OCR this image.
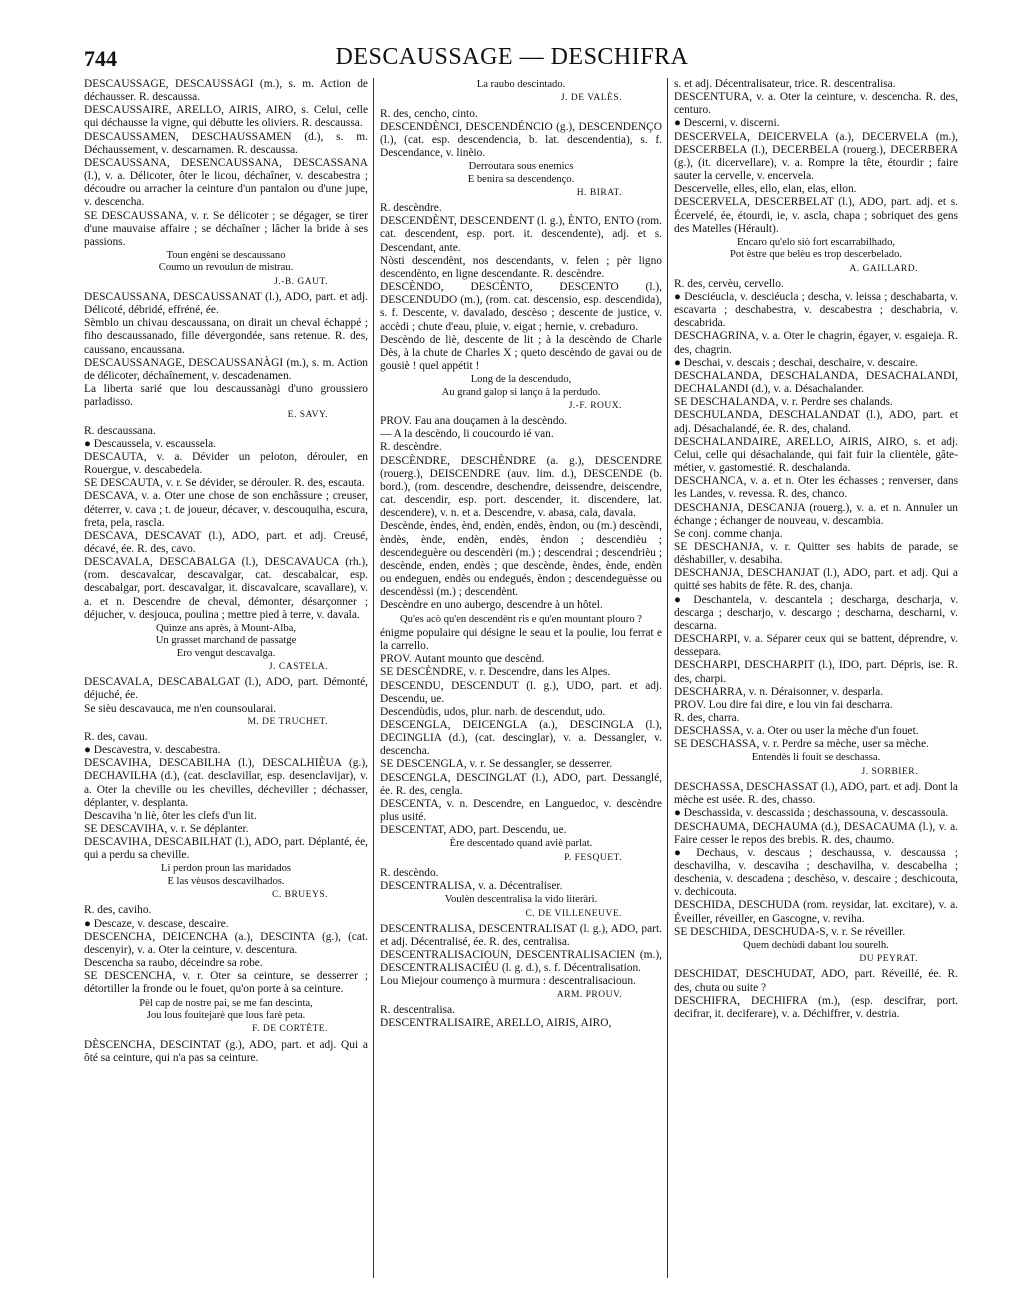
744	DESCAUSSAGE — DESCHIFRA

DESCAUSSAGE, DESCAUSSÀGI (m.), s. m. Action de déchausser. R. descaussa.

DESCAUSSAIRE, ARELLO, AIRIS, AIRO, s. Celui, celle qui déchausse la vigne, qui débutte les oliviers. R. descaussa.

DESCAUSSAMEN, DESCHAUSSAMEN (d.), s. m. Déchaussement, v. descarnamen. R. descaussa.

DESCAUSSANA, DESENCAUSSANA, DESCASSANA (l.), v. a. Délicoter, ôter le licou, déchaîner, v. descabestra ; découdre ou arracher la ceinture d'un pantalon ou d'une jupe, v. descencha.

SE DESCAUSSANA, v. r. Se délicoter ; se dégager, se tirer d'une mauvaise affaire ; se déchaîner ; lâcher la bride à ses passions.

Toun engèni se descaussano
Coumo un revoulun de mistrau.

J.-B. GAUT.

DESCAUSSANA, DESCAUSSANAT (l.), ADO, part. et adj. Délicoté, débridé, effréné, ée.

Sèmblo un chivau descaussana, on dirait un cheval échappé ; fiho descaussanado, fille dévergondée, sans retenue. R. des, caussano, encaussana.

DESCAUSSANAGE, DESCAUSSANÀGI (m.), s. m. Action de délicoter, déchaînement, v. descadenamen.

La liberta sarié que lou descaussanàgi d'uno groussiero parladisso.

E. SAVY.

R. descaussana.

● Descaussela, v. escaussela.

DESCAUTA, v. a. Dévider un peloton, dérouler, en Rouergue, v. descabedela.

SE DESCAUTA, v. r. Se dévider, se dérouler. R. des, escauta.

DESCAVA, v. a. Oter une chose de son enchâssure ; creuser, déterrer, v. cava ; t. de joueur, décaver, v. descouquiha, escura, freta, pela, rascla.

DESCAVA, DESCAVAT (l.), ADO, part. et adj. Creusé, décavé, ée. R. des, cavo.

DESCAVALA, DESCABALGA (l.), DESCAVAUCA (rh.), (rom. descavalcar, descavalgar, cat. descabalcar, esp. descabalgar, port. descavalgar, it. discavalcare, scavallare), v. a. et n. Descendre de cheval, démonter, désarçonner ; déjucher, v. desjouca, poulina ; mettre pied à terre, v. davala.

Quinze ans après, à Mount-Alba,
Un grasset marchand de passatge
Ero vengut descavalga.

J. CASTELA.

DESCAVALA, DESCABALGAT (l.), ADO, part. Démonté, déjuché, ée.

Se sièu descavauca, me n'en counsoularai.

M. DE TRUCHET.

R. des, cavau.

● Descavestra, v. descabestra.

DESCAVIHA, DESCABILHA (l.), DESCALHIÈUA (g.), DECHAVILHA (d.), (cat. desclavillar, esp. desenclavijar), v. a. Oter la cheville ou les chevilles, décheviller ; déchasser, déplanter, v. desplanta.

Descaviha 'n liè, ôter les clefs d'un lit.

SE DESCAVIHA, v. r. Se déplanter.

DESCAVIHA, DESCABILHAT (l.), ADO, part. Déplanté, ée, qui a perdu sa cheville.

Li perdon proun las maridados
E las vèusos descavilhados.

C. BRUEYS.

R. des, caviho.

● Descaze, v. descase, descaire.

DESCENCHA, DEICENCHA (a.), DESCINTA (g.), (cat. descenyir), v. a. Oter la ceinture, v. descentura.

Descencha sa raubo, déceindre sa robe.

SE DESCENCHA, v. r. Oter sa ceinture, se desserrer ; détortiller la fronde ou le fouet, qu'on porte à sa ceinture.

Pèl cap de nostre pai, se me fan descinta,
Jou lous fouitejarè que lous farè peta.

F. DE CORTÈTE.

DÈSCENCHA, DESCINTAT (g.), ADO, part. et adj. Qui a ôté sa ceinture, qui n'a pas sa ceinture.

La raubo descintado.

J. DE VALÈS.

R. des, cencho, cinto.

DESCENDÈNCI, DESCENDÉNCIO (g.), DESCENDENÇO (l.), (cat. esp. descendencia, b. lat. descendentia), s. f. Descendance, v. linèio.

Derroutara sous enemics
E benira sa descendenço.

H. BIRAT.

R. descèndre.

DESCENDÈNT, DESCENDENT (l. g.), ÈNTO, ENTO (rom. cat. descendent, esp. port. it. descendente), adj. et s. Descendant, ante.

Nòsti descendènt, nos descendants, v. felen ; pèr ligno descendènto, en ligne descendante. R. descèndre.

DESCÈNDO, DESCÈNTO, DESCENTO (l.), DESCENDUDO (m.), (rom. cat. descensio, esp. descendida), s. f. Descente, v. davalado, descèso ; descente de justice, v. accèdi ; chute d'eau, pluie, v. eigat ; hernie, v. crebaduro.

Descèndo de liè, descente de lit ; à la descèndo de Charle Dès, à la chute de Charles X ; queto descèndo de gavai ou de gousiè ! quel appétit !

Long de la descendudo,
Au grand galop si lanço à la perdudo.

J.-F. ROUX.

PROV. Fau ana douçamen à la descèndo.

— A la descèndo, li coucourdo ié van.

R. descèndre.

DESCÈNDRE, DESCHÈNDRE (a. g.), DESCENDRE (rouerg.), DEISCENDRE (auv. lim. d.), DESCENDE (b. bord.), (rom. descendre, deschendre, deissendre, deiscendre, cat. descendir, esp. port. descender, it. discendere, lat. descendere), v. n. et a. Descendre, v. abasa, cala, davala.

Descènde, èndes, ènd, endèn, endès, èndon, ou (m.) descèndi, èndès, ènde, endèn, endès, èndon ; descendièu ; descendeguère ou descendèri (m.) ; descendrai ; descendrièu ; descènde, enden, endès ; que descènde, èndes, ènde, endèn ou endeguen, endès ou endegués, èndon ; descendeguèsse ou descendèssi (m.) ; descendènt.

Descèndre en uno aubergo, descendre à un hôtel.

Qu'es acò qu'en descendènt ris e qu'en mountant plouro ?

énigme populaire qui désigne le seau et la poulie, lou ferrat e la carrello.

PROV. Autant mounto que descènd.

SE DESCÈNDRE, v. r. Descendre, dans les Alpes.

DESCENDU, DESCENDUT (l. g.), UDO, part. et adj. Descendu, ue.

Descendùdis, udos, plur. narb. de descendut, udo.

DESCENGLA, DEICENGLA (a.), DESCINGLA (l.), DECINGLIA (d.), (cat. descinglar), v. a. Dessangler, v. descencha.

SE DESCENGLA, v. r. Se dessangler, se desserrer.

DESCENGLA, DESCINGLAT (l.), ADO, part. Dessanglé, ée. R. des, cengla.

DESCENTA, v. n. Descendre, en Languedoc, v. descèndre plus usité.

DESCENTAT, ADO, part. Descendu, ue.

Ère descentado quand aviè parlat.

P. FESQUET.

R. descèndo.

DESCENTRALISA, v. a. Décentraliser.

Voulèn descentralisa la vido literàri.

C. DE VILLENEUVE.

DESCENTRALISA, DESCENTRALISAT (l. g.), ADO, part. et adj. Décentralisé, ée. R. des, centralisa.

DESCENTRALISACIOUN, DESCENTRALISACIEN (m.), DESCENTRALISACIÉU (l. g. d.), s. f. Décentralisation.

Lou Miejour coumenço à murmura : descentralisacioun.

ARM. PROUV.

R. descentralisa.

DESCENTRALISAIRE, ARELLO, AIRIS, AIRO,

s. et adj. Décentralisateur, trice. R. descentralisa.

DESCENTURA, v. a. Oter la ceinture, v. descencha. R. des, centuro.

● Descerni, v. discerni.

DESCERVELA, DEICERVELA (a.), DECERVELA (m.), DESCERBELA (l.), DECERBELA (rouerg.), DECERBERA (g.), (it. dicervellare), v. a. Rompre la tête, étourdir ; faire sauter la cervelle, v. encervela.

Descervelle, elles, ello, elan, elas, ellon.

DESCERVELA, DESCERBELAT (l.), ADO, part. adj. et s. Écervelé, ée, étourdi, ie, v. ascla, chapa ; sobriquet des gens des Matelles (Hérault).

Encaro qu'elo siò fort escarrabilhado,
Pot èstre que belèu es trop descerbelado.

A. GAILLARD.

R. des, cervèu, cervello.

● Desciéucla, v. desciéucla ; descha, v. leissa ; deschabarta, v. escavarta ; deschabestra, v. descabestra ; deschabria, v. descabrida.

DESCHAGRINA, v. a. Oter le chagrin, égayer, v. esgaieja. R. des, chagrin.

● Deschai, v. descais ; deschai, deschaire, v. descaire.

DESCHALANDA, DESCHALANDA, DESACHALANDI, DECHALANDI (d.), v. a. Désachalander.

SE DESCHALANDA, v. r. Perdre ses chalands.

DESCHULANDA, DESCHALANDAT (l.), ADO, part. et adj. Désachalandé, ée. R. des, chaland.

DESCHALANDAIRE, ARELLO, AIRIS, AIRO, s. et adj. Celui, celle qui désachalande, qui fait fuir la clientèle, gâte-métier, v. gastomestié. R. deschalanda.

DESCHANCA, v. a. et n. Oter les échasses ; renverser, dans les Landes, v. revessa. R. des, chanco.

DESCHANJA, DESCANJA (rouerg.), v. a. et n. Annuler un échange ; échanger de nouveau, v. descambia.

Se conj. comme chanja.

SE DESCHANJA, v. r. Quitter ses habits de parade, se déshabiller, v. desabiha.

DESCHANJA, DESCHANJAT (l.), ADO, part. et adj. Qui a quitté ses habits de fête. R. des, chanja.

● Deschantela, v. descantela ; descharga, descharja, v. descarga ; descharjo, v. descargo ; descharna, descharni, v. descarna.

DESCHARPI, v. a. Séparer ceux qui se battent, déprendre, v. dessepara.

DESCHARPI, DESCHARPIT (l.), IDO, part. Dépris, ise. R. des, charpi.

DESCHARRA, v. n. Déraisonner, v. desparla.

PROV. Lou dire fai dire, e lou vin fai descharra.

R. des, charra.

DESCHASSA, v. a. Oter ou user la mèche d'un fouet.

SE DESCHASSA, v. r. Perdre sa mèche, user sa mèche.

Entendès li fouit se deschassa.

J. SORBIER.

DESCHASSA, DESCHASSAT (l.), ADO, part. et adj. Dont la mèche est usée. R. des, chasso.

● Deschassida, v. descassida ; deschassouna, v. descassoula.

DESCHAUMA, DECHAUMA (d.), DESACAUMA (l.), v. a. Faire cesser le repos des brebis. R. des, chaumo.

● Dechaus, v. descaus ; deschaussa, v. descaussa ; deschavilha, v. descaviha ; deschavilha, v. descabelha ; deschenia, v. descadena ; deschèso, v. descaire ; deschicouta, v. dechicouta.

DESCHIDA, DESCHUDA (rom. reysidar, lat. excitare), v. a. Éveiller, réveiller, en Gascogne, v. reviha.

SE DESCHIDA, DESCHUDA-S, v. r. Se réveiller.

Quem dechùdi dabant lou sourelh.

DU PEYRAT.

DESCHIDAT, DESCHUDAT, ADO, part. Réveillé, ée. R. des, chuta ou suite ?

DESCHIFRA, DECHIFRA (m.), (esp. descifrar, port. decifrar, it. deciferare), v. a. Déchiffrer, v. destria.
